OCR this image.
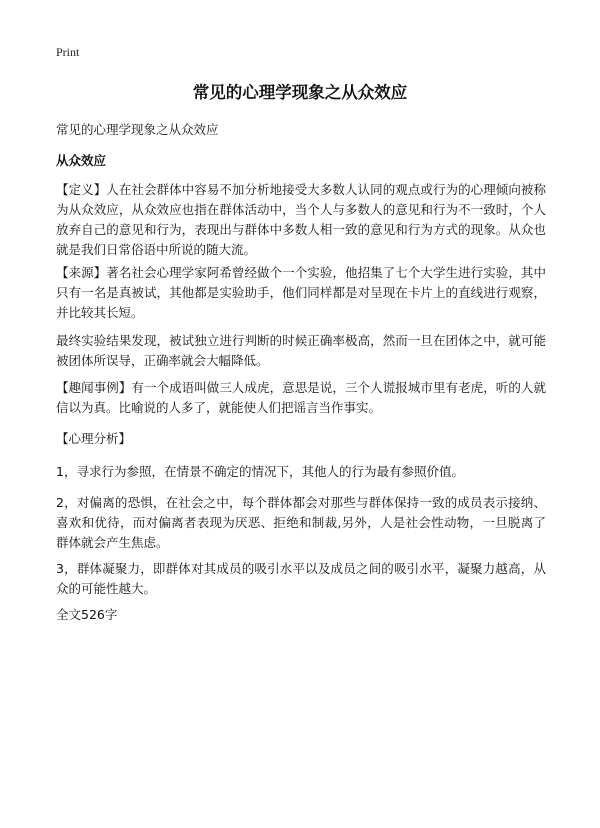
Print
常见的心理学现象之从众效应

常见的心理学现象之从众效应

从众效应

【定义】人在社会群体中容易不加分析地接受大多数人认同的观点或行为的心理倾向被称为从众效应，从众效应也指在群体活动中，当个人与多数人的意见和行为不一致时，个人放弃自己的意见和行为，表现出与群体中多数人相一致的意见和行为方式的现象。从众也就是我们日常俗语中所说的随大流。

【来源】著名社会心理学家阿希曾经做个一个实验，他招集了七个大学生进行实验，其中只有一名是真被试，其他都是实验助手，他们同样都是对呈现在卡片上的直线进行观察，并比较其长短。

最终实验结果发现，被试独立进行判断的时候正确率极高，然而一旦在团体之中，就可能被团体所误导，正确率就会大幅降低。

【趣闻事例】有一个成语叫做三人成虎，意思是说，三个人谎报城市里有老虎，听的人就信以为真。比喻说的人多了，就能使人们把谣言当作事实。

【心理分析】

1，寻求行为参照，在情景不确定的情况下，其他人的行为最有参照价值。

2，对偏离的恐惧，在社会之中，每个群体都会对那些与群体保持一致的成员表示接纳、喜欢和优待，而对偏离者表现为厌恶、拒绝和制裁,另外，人是社会性动物，一旦脱离了群体就会产生焦虑。

3，群体凝聚力，即群体对其成员的吸引水平以及成员之间的吸引水平，凝聚力越高，从众的可能性越大。

全文526字
